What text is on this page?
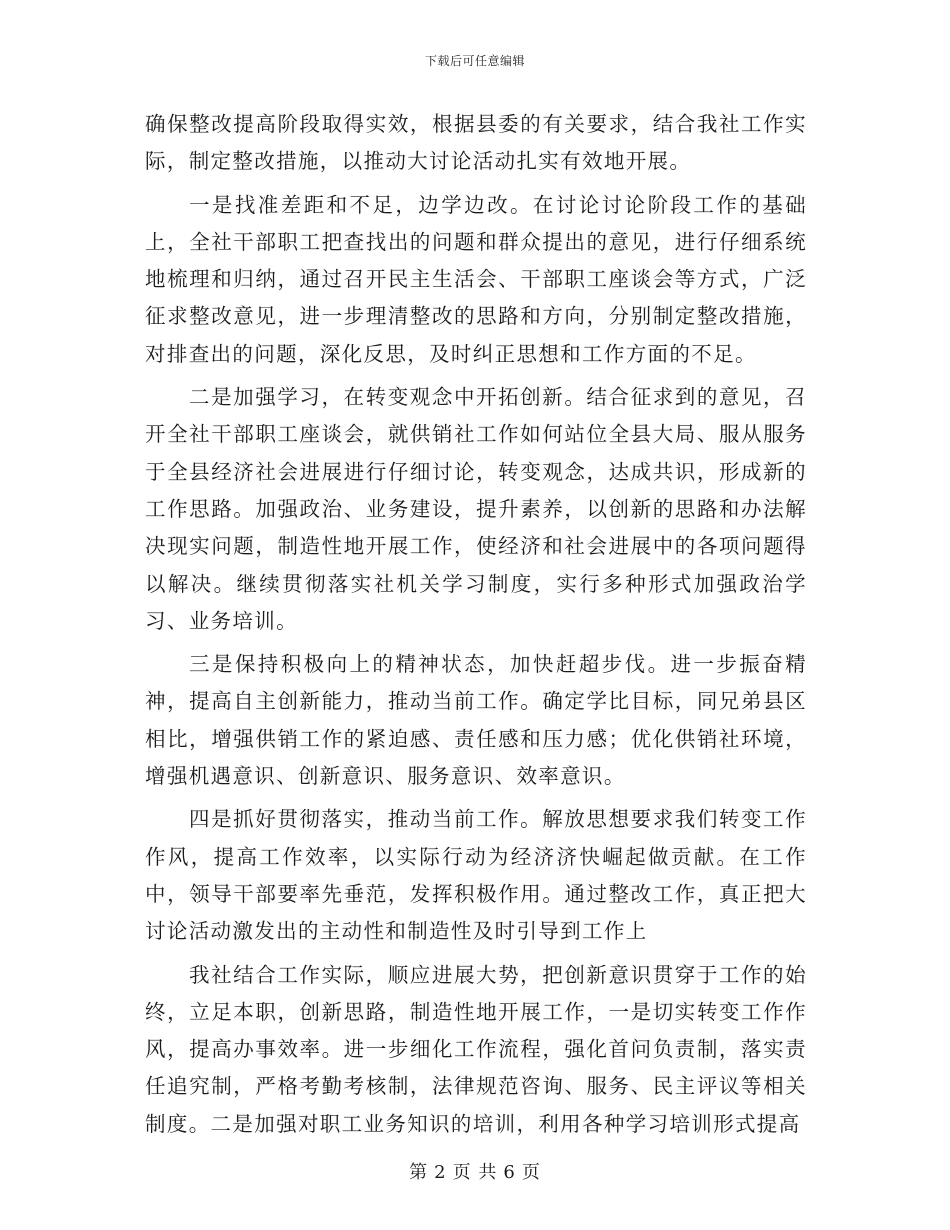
下载后可任意编辑

确保整改提高阶段取得实效，根据县委的有关要求，结合我社工作实际，制定整改措施，以推动大讨论活动扎实有效地开展。

一是找准差距和不足，边学边改。在讨论讨论阶段工作的基础上，全社干部职工把查找出的问题和群众提出的意见，进行仔细系统地梳理和归纳，通过召开民主生活会、干部职工座谈会等方式，广泛征求整改意见，进一步理清整改的思路和方向，分别制定整改措施，对排查出的问题，深化反思，及时纠正思想和工作方面的不足。

二是加强学习，在转变观念中开拓创新。结合征求到的意见，召开全社干部职工座谈会，就供销社工作如何站位全县大局、服从服务于全县经济社会进展进行仔细讨论，转变观念，达成共识，形成新的工作思路。加强政治、业务建设，提升素养，以创新的思路和办法解决现实问题，制造性地开展工作，使经济和社会进展中的各项问题得以解决。继续贯彻落实社机关学习制度，实行多种形式加强政治学习、业务培训。

三是保持积极向上的精神状态，加快赶超步伐。进一步振奋精神，提高自主创新能力，推动当前工作。确定学比目标，同兄弟县区相比，增强供销工作的紧迫感、责任感和压力感；优化供销社环境，增强机遇意识、创新意识、服务意识、效率意识。

四是抓好贯彻落实，推动当前工作。解放思想要求我们转变工作作风，提高工作效率，以实际行动为经济济快崛起做贡献。在工作中，领导干部要率先垂范，发挥积极作用。通过整改工作，真正把大讨论活动激发出的主动性和制造性及时引导到工作上

我社结合工作实际，顺应进展大势，把创新意识贯穿于工作的始终，立足本职，创新思路，制造性地开展工作，一是切实转变工作作风，提高办事效率。进一步细化工作流程，强化首问负责制，落实责任追究制，严格考勤考核制，法律规范咨询、服务、民主评议等相关制度。二是加强对职工业务知识的培训，利用各种学习培训形式提高

第 2 页 共 6 页
